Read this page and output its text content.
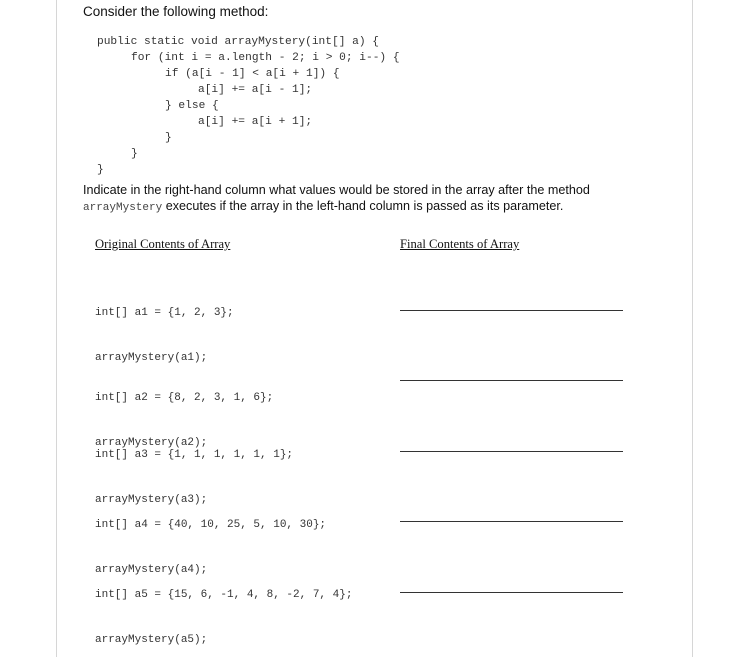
Consider the following method:
public static void arrayMystery(int[] a) {
for (int i = a.length - 2; i > 0; i--) {
if (a[i - 1] < a[i + 1]) {
a[i] += a[i - 1];
} else {
a[i] += a[i + 1];
}
}
}
Indicate in the right-hand column what values would be stored in the array after the method
arrayMystery executes if the array in the left-hand column is passed as its parameter.
Original Contents of Array	Final Contents of Array

int[] a1 = {1, 2, 3};

arrayMystery(a1);

int[] a2 = {8, 2, 3, 1, 6};

arrayMystery(a2);

int[] a3 = {1, 1, 1, 1, 1, 1};

arrayMystery(a3);

int[] a4 = {40, 10, 25, 5, 10, 30};

arrayMystery(a4);

int[] a5 = {15, 6, -1, 4, 8, -2, 7, 4};

arrayMystery(a5);
